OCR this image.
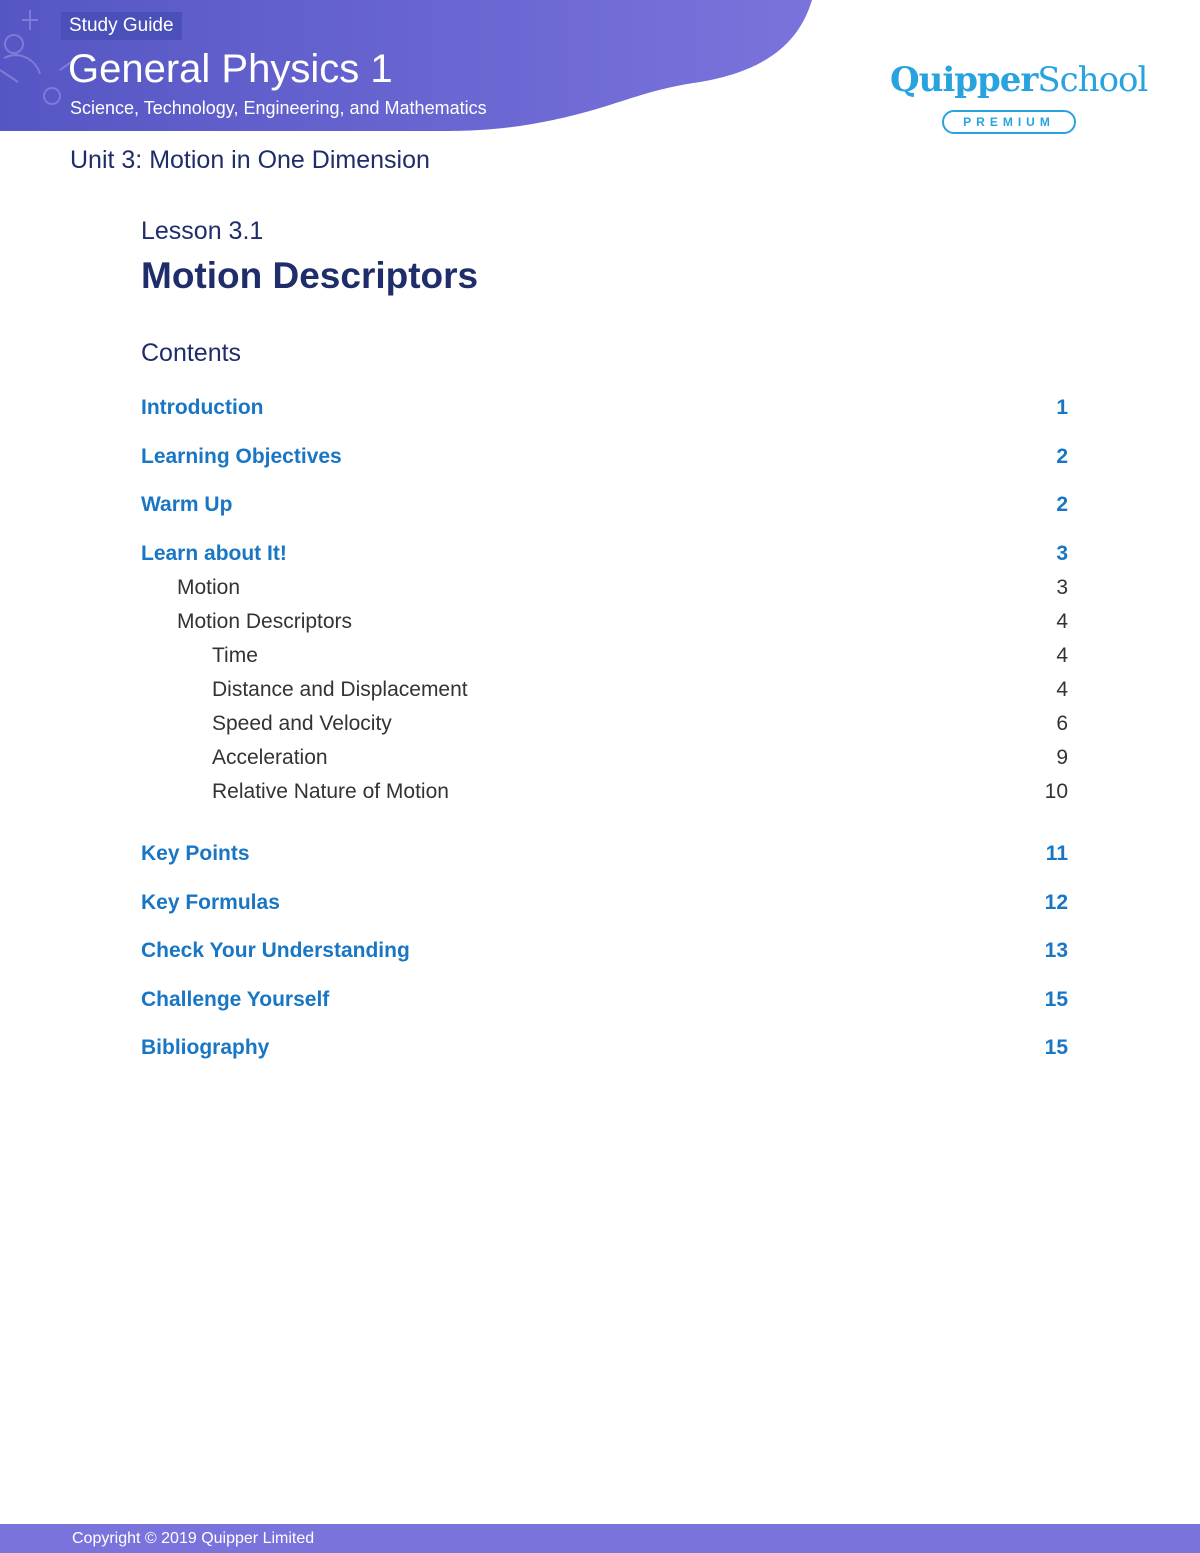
Study Guide
General Physics 1
Science, Technology, Engineering, and Mathematics
QuipperSchool
PREMIUM
Unit 3: Motion in One Dimension
Lesson 3.1
Motion Descriptors
Contents
Introduction	1
Learning Objectives	2
Warm Up	2
Learn about It!	3
Motion	3
Motion Descriptors	4
Time	4
Distance and Displacement	4
Speed and Velocity	6
Acceleration	9
Relative Nature of Motion	10
Key Points	11
Key Formulas	12
Check Your Understanding	13
Challenge Yourself	15
Bibliography	15
Copyright © 2019 Quipper Limited
